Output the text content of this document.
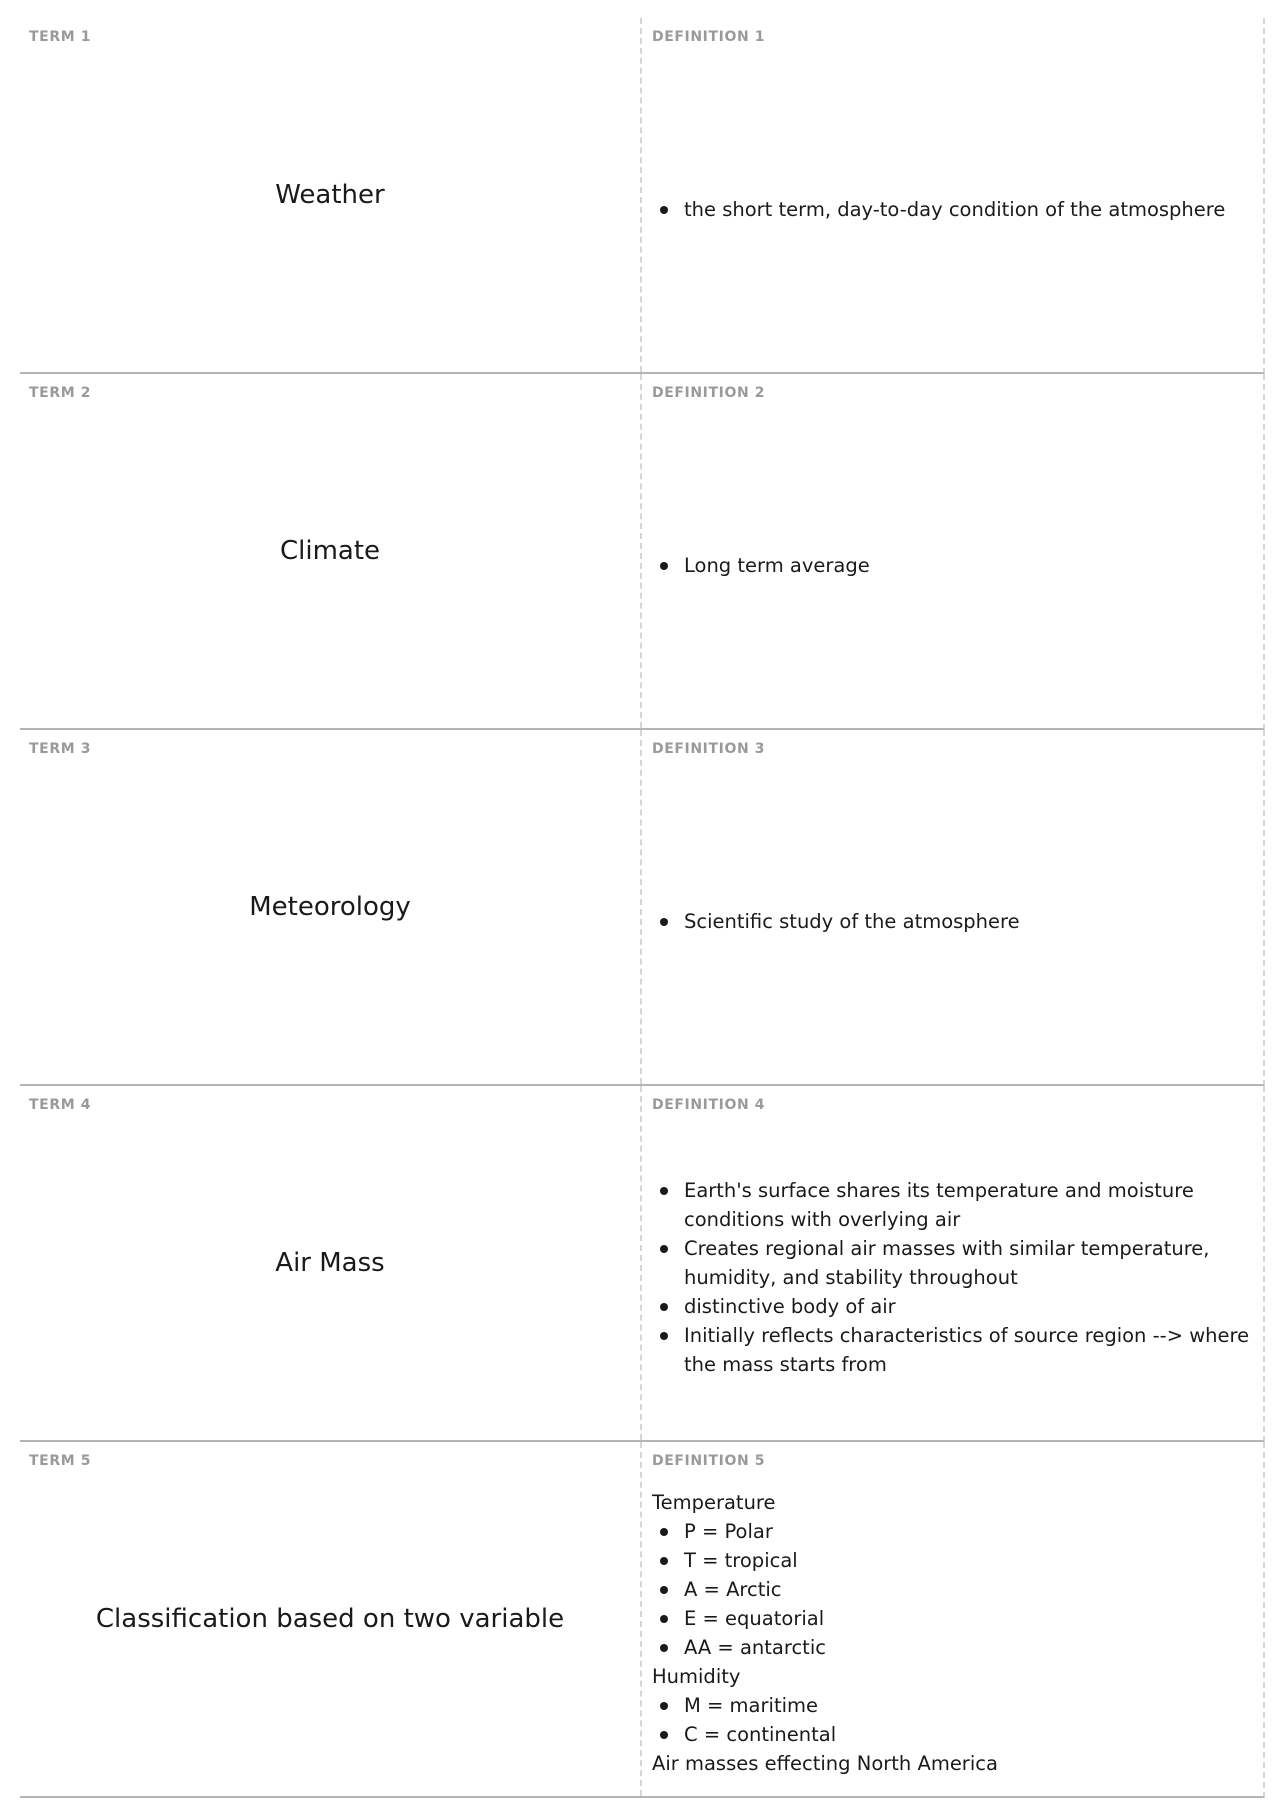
TERM 1
Weather
DEFINITION 1
the short term, day-to-day condition of the atmosphere
TERM 2
Climate
DEFINITION 2
Long term average
TERM 3
Meteorology
DEFINITION 3
Scientific study of the atmosphere
TERM 4
Air Mass
DEFINITION 4
Earth's surface shares its temperature and moisture conditions with overlying air
Creates regional air masses with similar temperature, humidity, and stability throughout
distinctive body of air
Initially reflects characteristics of source region --> where the mass starts from
TERM 5
Classification based on two variable
DEFINITION 5
Temperature
P = Polar
T = tropical
A = Arctic
E = equatorial
AA = antarctic
Humidity
M = maritime
C = continental
Air masses effecting North America
